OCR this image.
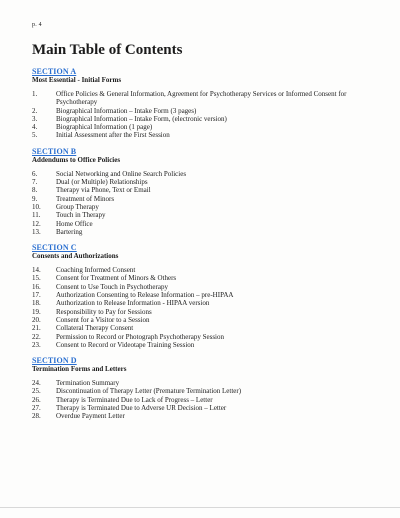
p. 4
Main Table of Contents
SECTION A
Most Essential - Initial Forms
1.	Office Policies & General Information, Agreement for Psychotherapy Services or Informed Consent for Psychotherapy
2.	Biographical Information – Intake Form (3 pages)
3.	Biographical Information – Intake Form, (electronic version)
4.	Biographical Information (1 page)
5.	Initial Assessment after the First Session
SECTION B
Addendums to Office Policies
6.	Social Networking and Online Search Policies
7.	Dual (or Multiple) Relationships
8.	Therapy via Phone, Text or Email
9.	Treatment of Minors
10.	Group Therapy
11.	Touch in Therapy
12.	Home Office
13.	Bartering
SECTION C
Consents and Authorizations
14.	Coaching Informed Consent
15.	Consent for Treatment of Minors & Others
16.	Consent to Use Touch in Psychotherapy
17.	Authorization Consenting to Release Information – pre-HIPAA
18.	Authorization to Release Information - HIPAA version
19.	Responsibility to Pay for Sessions
20.	Consent for a Visitor to a Session
21.	Collateral Therapy Consent
22.	Permission to Record or Photograph Psychotherapy Session
23.	Consent to Record or Videotape Training Session
SECTION D
Termination Forms and Letters
24.	Termination Summary
25.	Discontinuation of Therapy Letter (Premature Termination Letter)
26.	Therapy is Terminated Due to Lack of Progress – Letter
27.	Therapy is Terminated Due to Adverse UR Decision – Letter
28.	Overdue Payment Letter
